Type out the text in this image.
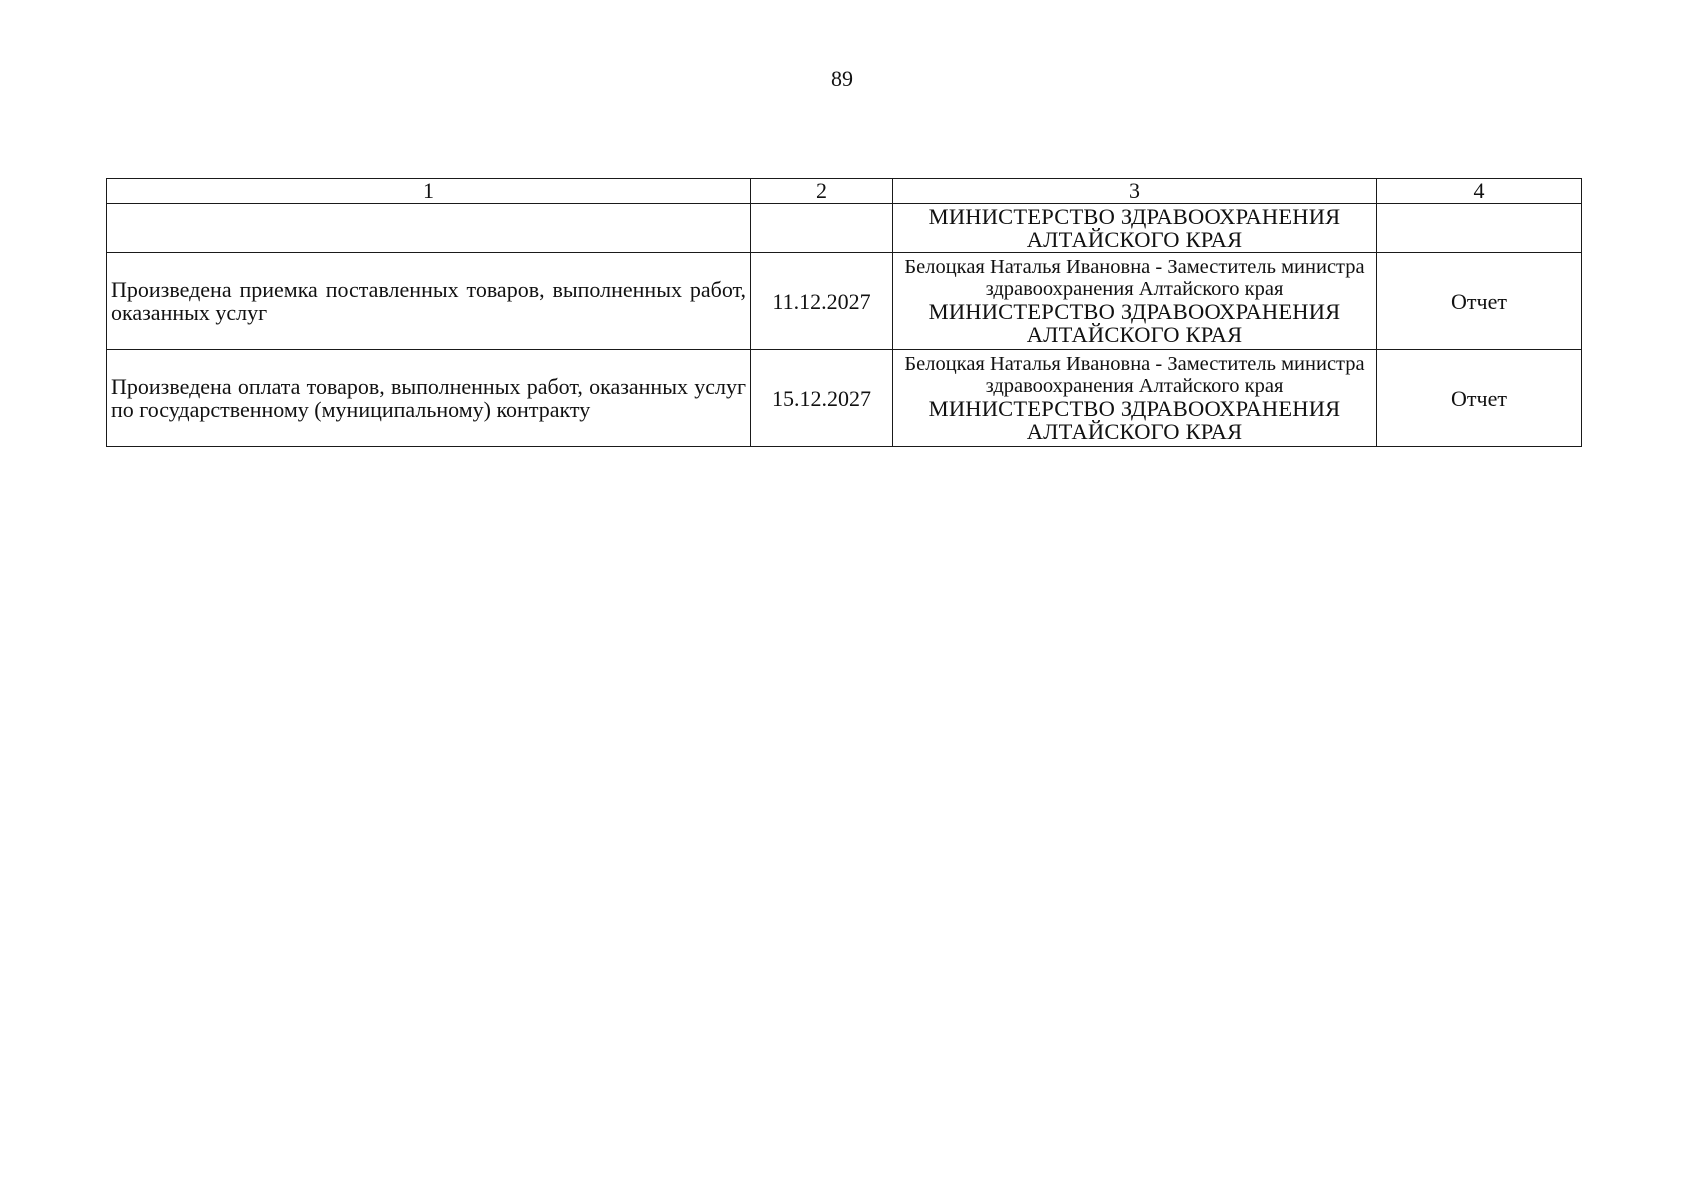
89
1	2	3	4

		МИНИСТЕРСТВО ЗДРАВООХРАНЕНИЯ
АЛТАЙСКОГО КРАЯ	

Произведена приемка поставленных товаров, выполненных работ, оказанных услуг	11.12.2027	Белоцкая Наталья Ивановна - Заместитель министра здравоохранения Алтайского края
МИНИСТЕРСТВО ЗДРАВООХРАНЕНИЯ
АЛТАЙСКОГО КРАЯ	Отчет
Произведена оплата товаров, выполненных работ, оказанных услуг по государственному (муниципальному) контракту	15.12.2027	Белоцкая Наталья Ивановна - Заместитель министра здравоохранения Алтайского края
МИНИСТЕРСТВО ЗДРАВООХРАНЕНИЯ
АЛТАЙСКОГО КРАЯ	Отчет
